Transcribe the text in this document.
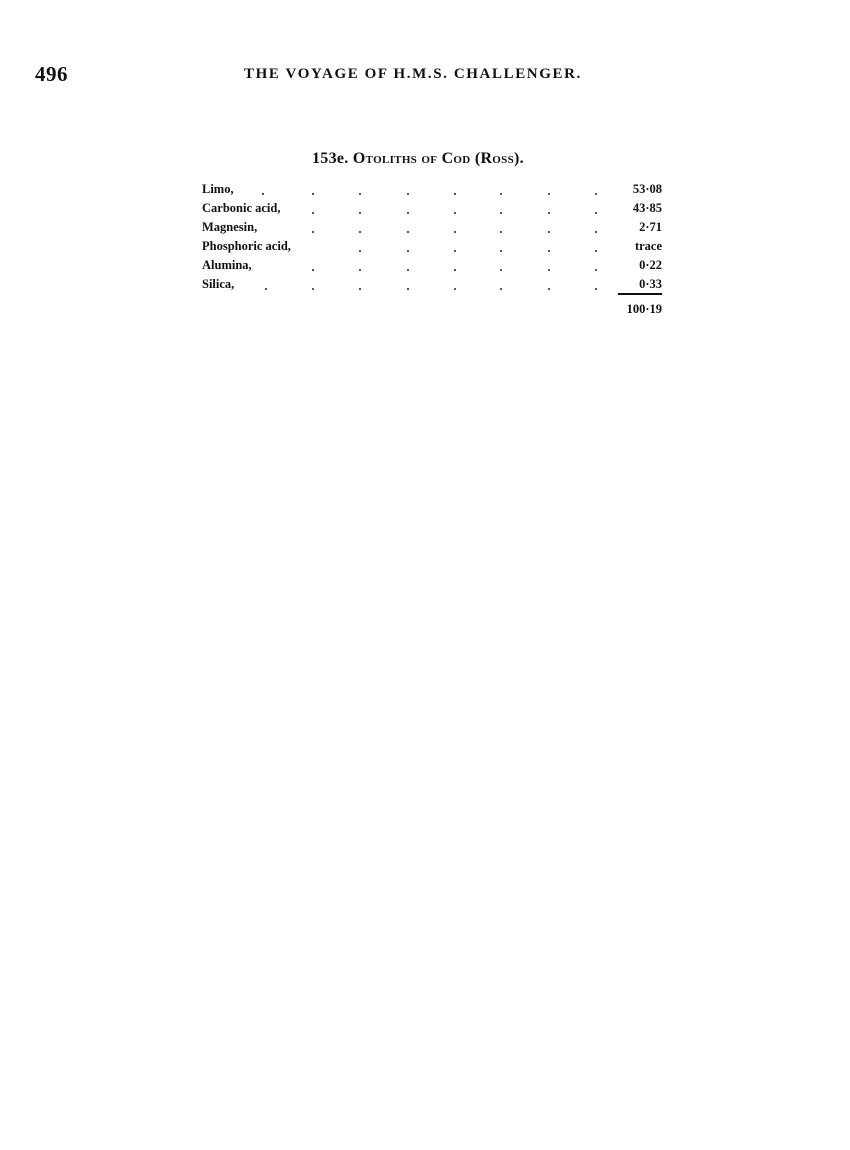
496	THE VOYAGE OF H.M.S. CHALLENGER.
153e. Otoliths of Cod (Ross).
Limo,	53·08
Carbonic acid,	43·85
Magnesin,	2·71
Phosphoric acid,	trace
Alumina,	0·22
Silica,	0·33
100·19
